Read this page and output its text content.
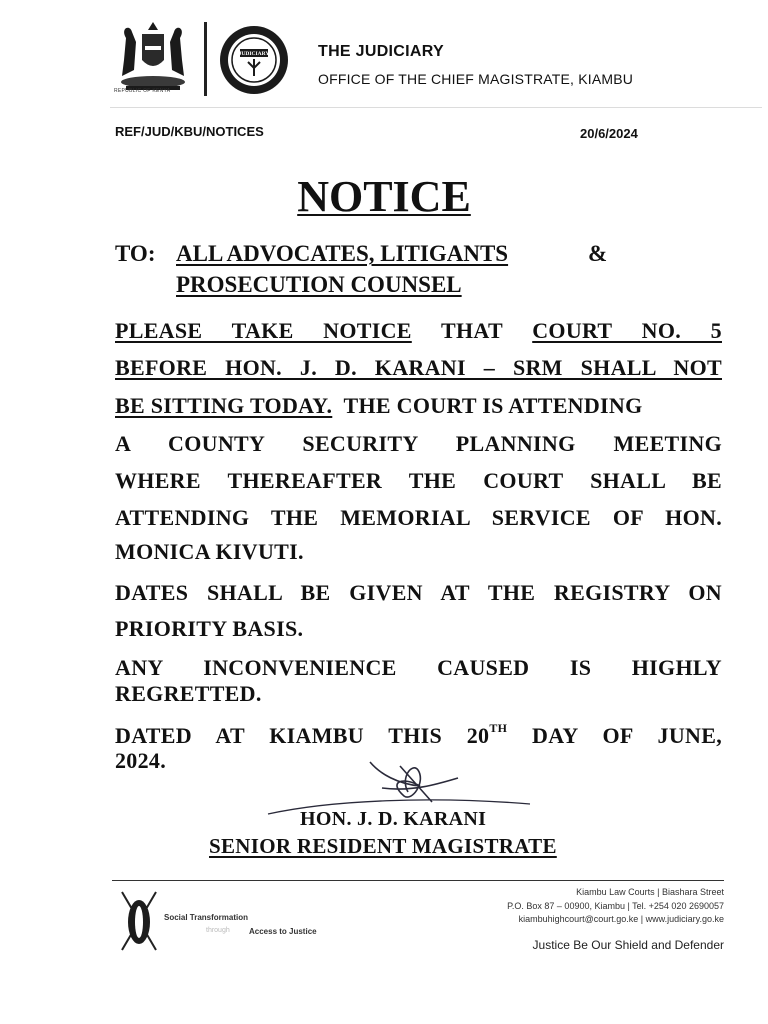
REPUBLIC OF KENYA
JUDICIARY	THE JUDICIARY
OFFICE OF THE CHIEF MAGISTRATE, KIAMBU
REF/JUD/KBU/NOTICES	20/6/2024
NOTICE
TO: ALL ADVOCATES, LITIGANTS	&
PROSECUTION COUNSEL
PLEASE TAKE NOTICE THAT COURT NO. 5
BEFORE HON. J. D. KARANI – SRM SHALL NOT
BE SITTING TODAY. THE COURT IS ATTENDING
A COUNTY SECURITY PLANNING MEETING
WHERE THEREAFTER THE COURT SHALL BE
ATTENDING THE MEMORIAL SERVICE OF HON.
MONICA KIVUTI.
DATES SHALL BE GIVEN AT THE REGISTRY ON
PRIORITY BASIS.
ANY INCONVENIENCE CAUSED IS HIGHLY
REGRETTED.
DATED AT KIAMBU THIS 20TH DAY OF JUNE,
2024.
HON. J. D. KARANI
SENIOR RESIDENT MAGISTRATE
Social Transformation
through Access to Justice
Kiambu Law Courts | Biashara Street
P.O. Box 87 – 00900, Kiambu | Tel. +254 020 2690057
kiambuhighcourt@court.go.ke | www.judiciary.go.ke
Justice Be Our Shield and Defender
